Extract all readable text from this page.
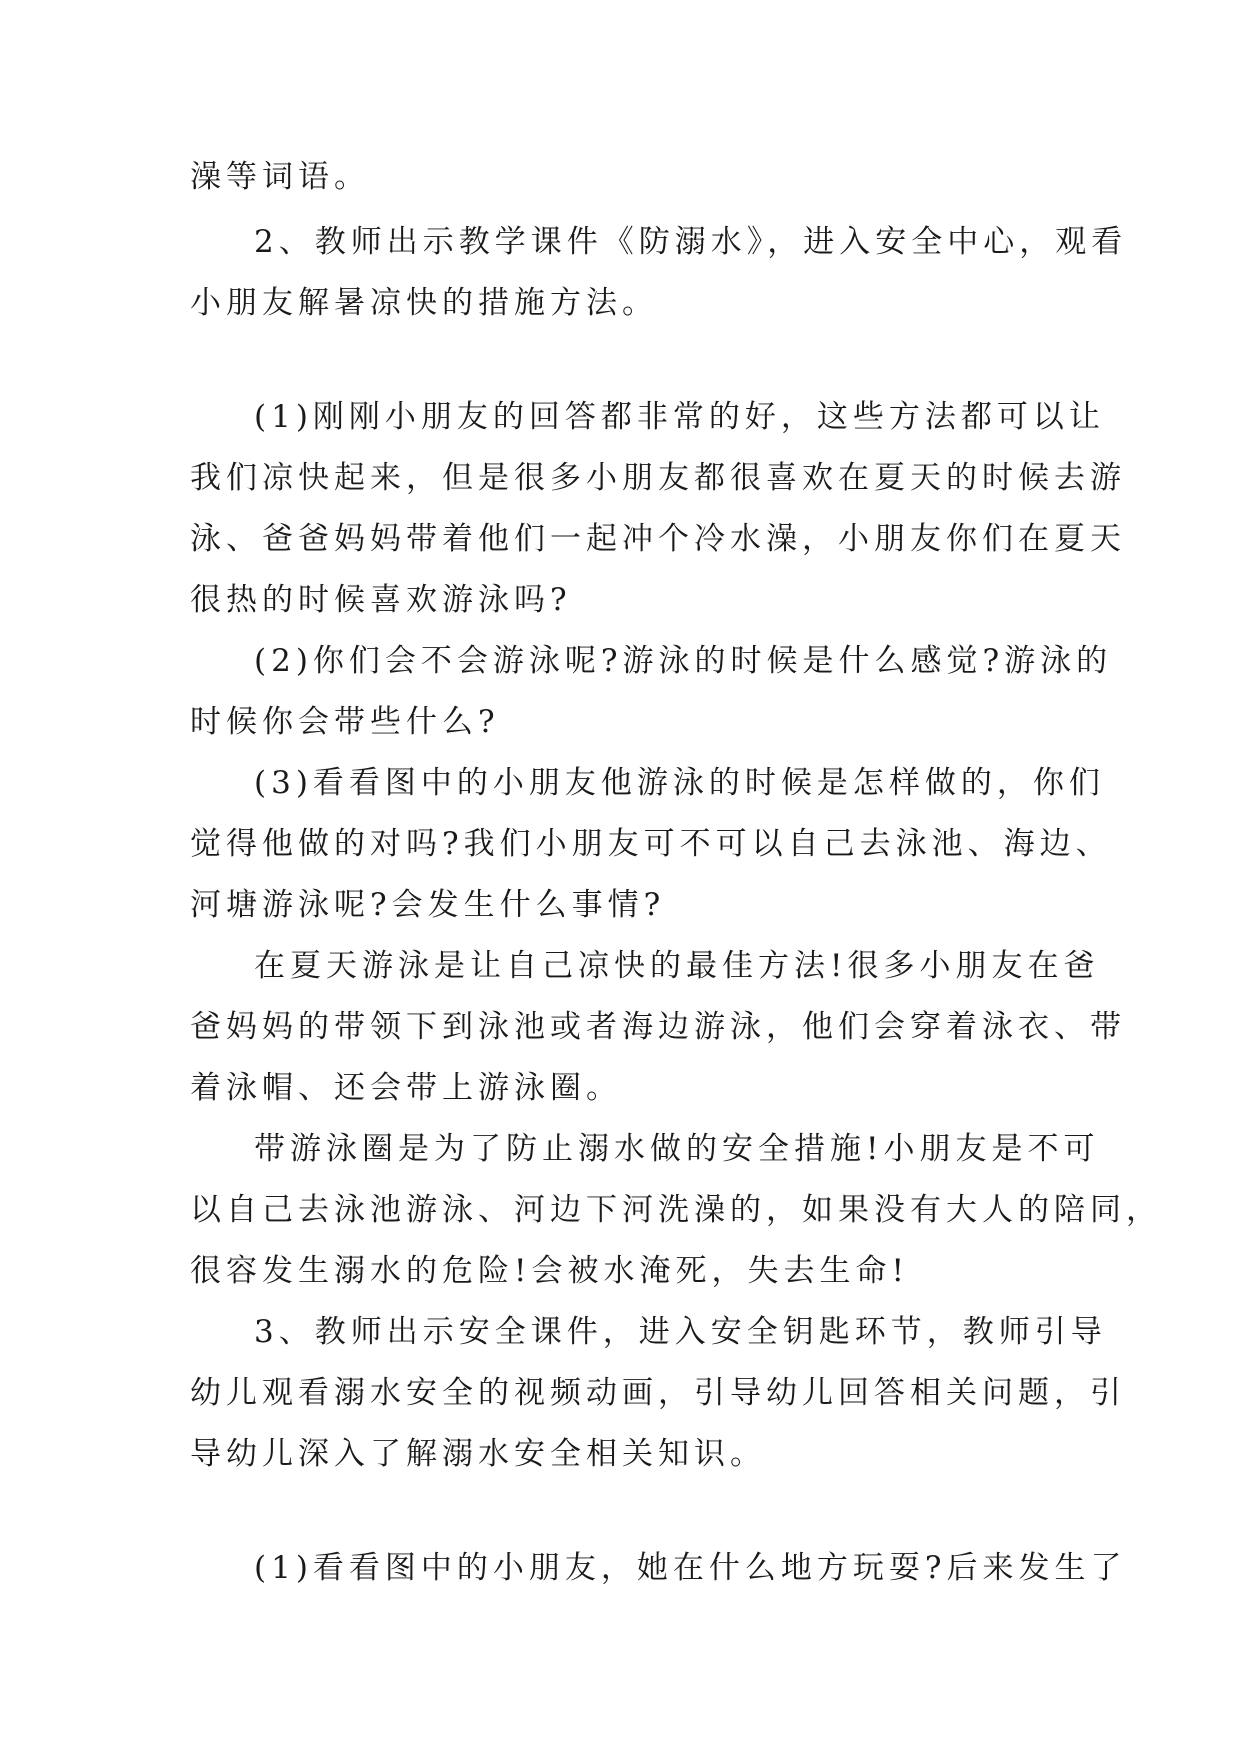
澡等词语。
2、教师出示教学课件《防溺水》，进入安全中心，观看
小朋友解暑凉快的措施方法。
(1)刚刚小朋友的回答都非常的好，这些方法都可以让
我们凉快起来，但是很多小朋友都很喜欢在夏天的时候去游
泳、爸爸妈妈带着他们一起冲个冷水澡，小朋友你们在夏天
很热的时候喜欢游泳吗?
(2)你们会不会游泳呢?游泳的时候是什么感觉?游泳的
时候你会带些什么?
(3)看看图中的小朋友他游泳的时候是怎样做的，你们
觉得他做的对吗?我们小朋友可不可以自己去泳池、海边、
河塘游泳呢?会发生什么事情?
在夏天游泳是让自己凉快的最佳方法!很多小朋友在爸
爸妈妈的带领下到泳池或者海边游泳，他们会穿着泳衣、带
着泳帽、还会带上游泳圈。
带游泳圈是为了防止溺水做的安全措施!小朋友是不可
以自己去泳池游泳、河边下河洗澡的，如果没有大人的陪同，
很容发生溺水的危险!会被水淹死，失去生命!
3、教师出示安全课件，进入安全钥匙环节，教师引导
幼儿观看溺水安全的视频动画，引导幼儿回答相关问题，引
导幼儿深入了解溺水安全相关知识。
(1)看看图中的小朋友，她在什么地方玩耍?后来发生了
